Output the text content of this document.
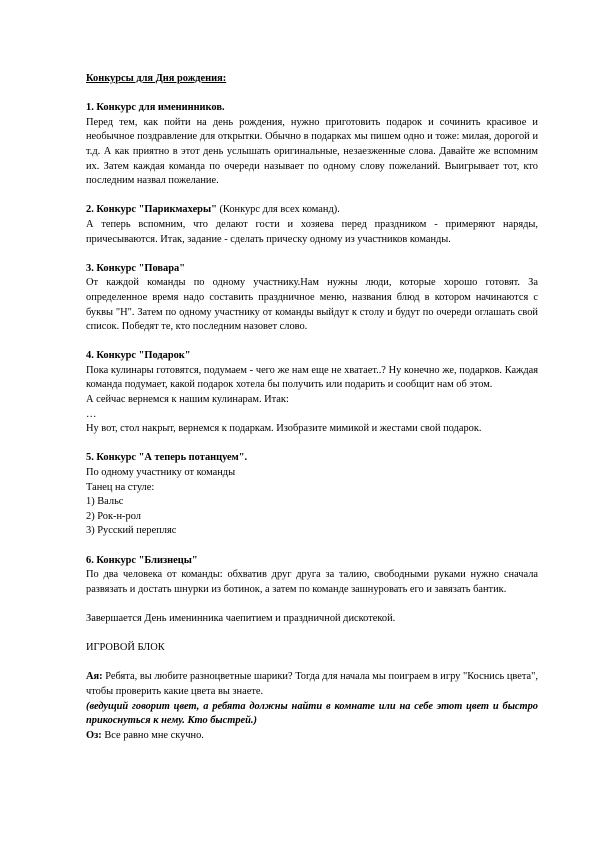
Конкурсы для Дня рождения:

1. Конкурс для именинников.

Перед тем, как пойти на день рождения, нужно приготовить подарок и сочинить красивое и необычное поздравление для открытки. Обычно в подарках мы пишем одно и тоже: милая, дорогой и т.д. А как приятно в этот день услышать оригинальные, незаезженные слова. Давайте же вспомним их. Затем каждая команда по очереди называет по одному слову пожеланий. Выигрывает тот, кто последним назвал пожелание.

2. Конкурс "Парикмахеры" (Конкурс для всех команд).

А теперь вспомним, что делают гости и хозяева перед праздником - примеряют наряды, причесываются. Итак, задание - сделать прическу одному из участников команды.

3. Конкурс "Повара"

От каждой команды по одному участнику.Нам нужны люди, которые хорошо готовят. За определенное время надо составить праздничное меню, названия блюд в котором начинаются с буквы "Н". Затем по одному участнику от команды выйдут к столу и будут по очереди оглашать свой список. Победят те, кто последним назовет слово.

4. Конкурс "Подарок"

Пока кулинары готовятся, подумаем - чего же нам еще не хватает..? Ну конечно же, подарков. Каждая команда подумает, какой подарок хотела бы получить или подарить и сообщит нам об этом.

А сейчас вернемся к нашим кулинарам. Итак:

…

Ну вот, стол накрыт, вернемся к подаркам. Изобразите мимикой и жестами свой подарок.

5. Конкурс "А теперь потанцуем".

По одному участнику от команды

Танец на стуле:

1) Вальс

2) Рок-н-рол

3) Русский перепляс

6. Конкурс "Близнецы"

По два человека от команды: обхватив друг друга за талию, свободными руками нужно сначала развязать и достать шнурки из ботинок, а затем по команде зашнуровать его и завязать бантик.

Завершается День именинника чаепитием и праздничной дискотекой.

ИГРОВОЙ БЛОК

Ая: Ребята, вы любите разноцветные шарики? Тогда для начала мы поиграем в игру "Коснись цвета", чтобы проверить какие цвета вы знаете.

(ведущий говорит цвет, а ребята должны найти в комнате или на себе этот цвет и быстро прикоснуться к нему. Кто быстрей.)

Оз: Все равно мне скучно.
